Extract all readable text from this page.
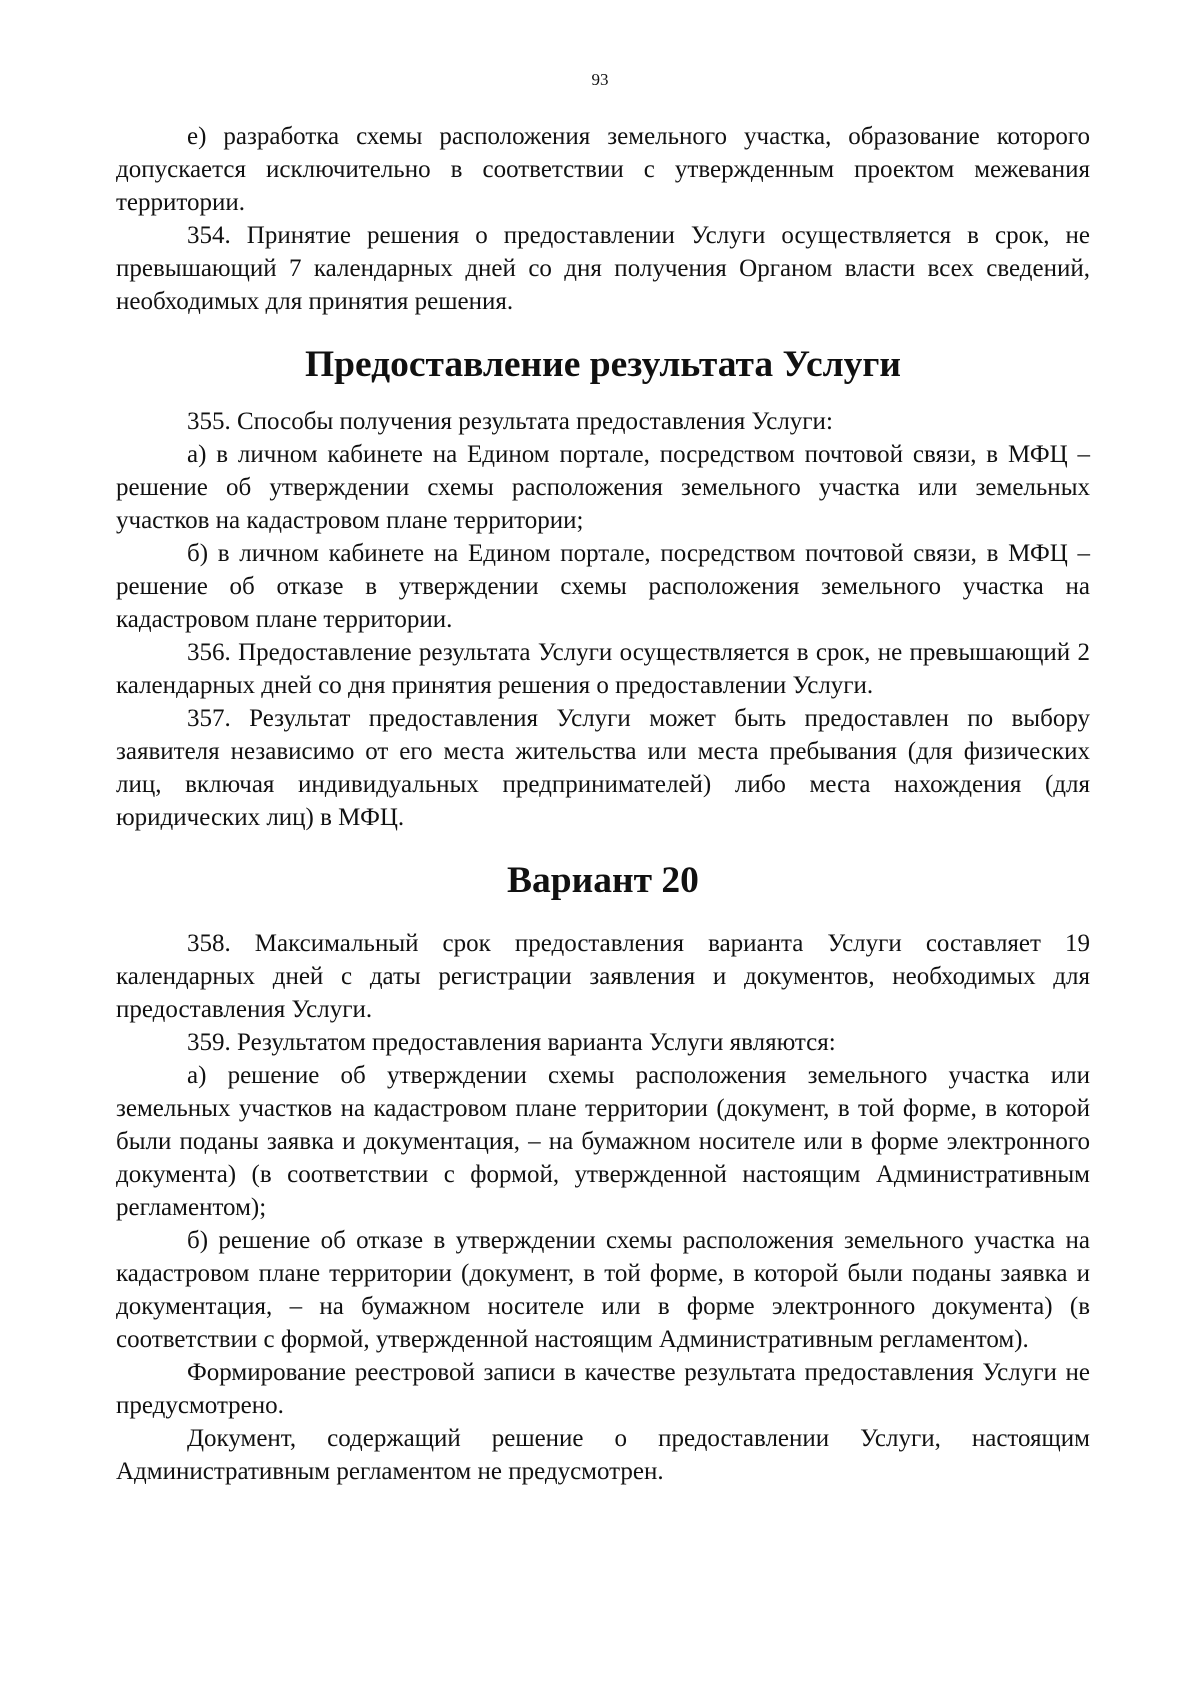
93

е) разработка схемы расположения земельного участка, образование которого допускается исключительно в соответствии с утвержденным проектом межевания территории.

354. Принятие решения о предоставлении Услуги осуществляется в срок, не превышающий 7 календарных дней со дня получения Органом власти всех сведений, необходимых для принятия решения.

Предоставление результата Услуги

355. Способы получения результата предоставления Услуги:

а) в личном кабинете на Едином портале, посредством почтовой связи, в МФЦ – решение об утверждении схемы расположения земельного участка или земельных участков на кадастровом плане территории;

б) в личном кабинете на Едином портале, посредством почтовой связи, в МФЦ – решение об отказе в утверждении схемы расположения земельного участка на кадастровом плане территории.

356. Предоставление результата Услуги осуществляется в срок, не превышающий 2 календарных дней со дня принятия решения о предоставлении Услуги.

357. Результат предоставления Услуги может быть предоставлен по выбору заявителя независимо от его места жительства или места пребывания (для физических лиц, включая индивидуальных предпринимателей) либо места нахождения (для юридических лиц) в МФЦ.

Вариант 20

358. Максимальный срок предоставления варианта Услуги составляет 19 календарных дней с даты регистрации заявления и документов, необходимых для предоставления Услуги.

359. Результатом предоставления варианта Услуги являются:

а) решение об утверждении схемы расположения земельного участка или земельных участков на кадастровом плане территории (документ, в той форме, в которой были поданы заявка и документация, – на бумажном носителе или в форме электронного документа) (в соответствии с формой, утвержденной настоящим Административным регламентом);

б) решение об отказе в утверждении схемы расположения земельного участка на кадастровом плане территории (документ, в той форме, в которой были поданы заявка и документация, – на бумажном носителе или в форме электронного документа) (в соответствии с формой, утвержденной настоящим Административным регламентом).

Формирование реестровой записи в качестве результата предоставления Услуги не предусмотрено.

Документ, содержащий решение о предоставлении Услуги, настоящим Административным регламентом не предусмотрен.
